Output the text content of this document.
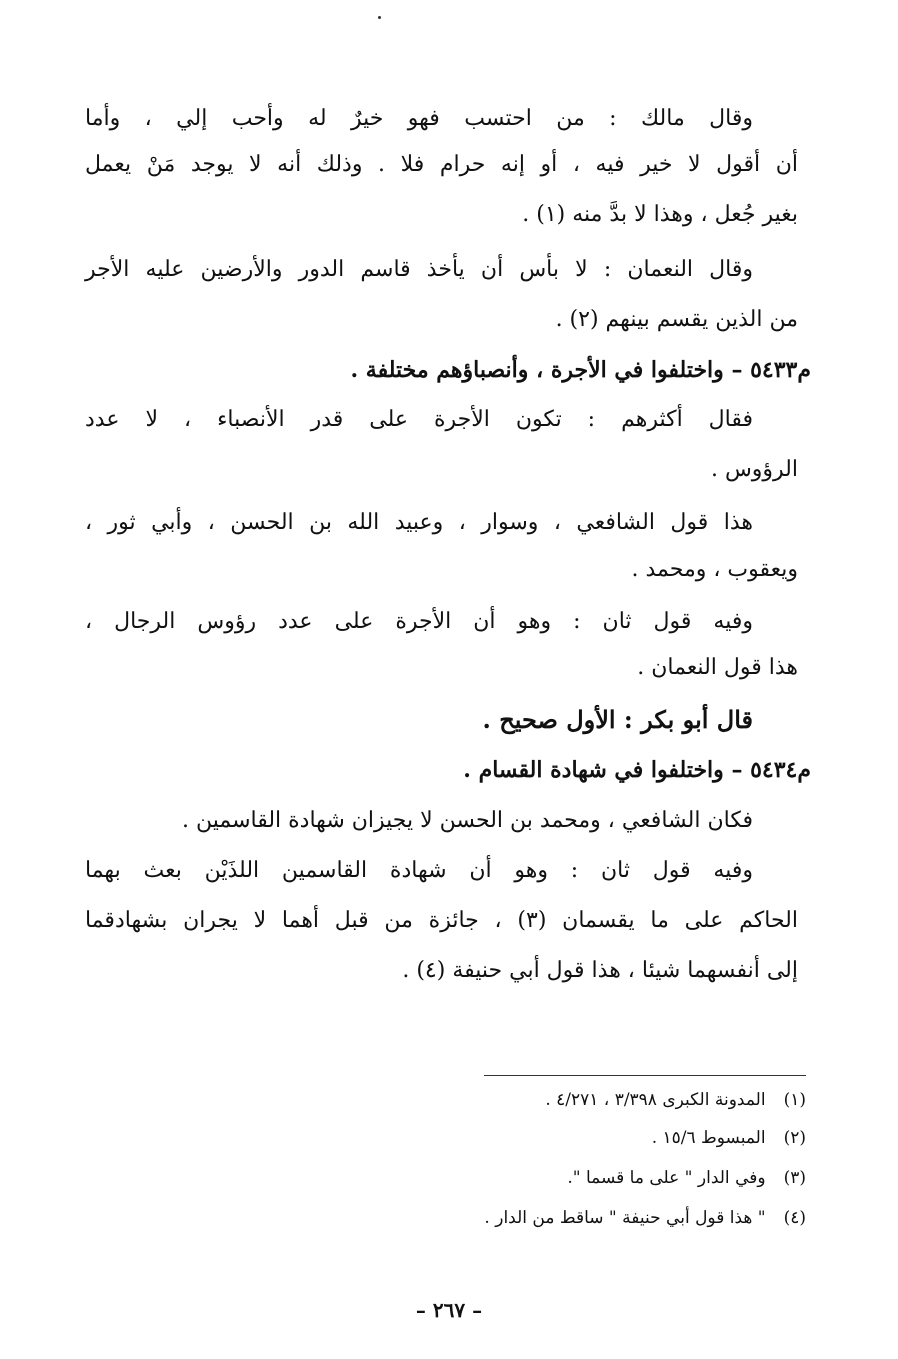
وقال مالك : من احتسب فهو خيرٌ له وأحب إلي ، وأما
أن أقول لا خير فيه ، أو إنه حرام فلا . وذلك أنه لا يوجد مَنْ يعمل
بغير جُعل ، وهذا لا بدَّ منه (١) .
وقال النعمان : لا بأس أن يأخذ قاسم الدور والأرضين عليه الأجر
من الذين يقسم بينهم (٢) .
م٥٤٣٣ – واختلفوا في الأجرة ، وأنصباؤهم مختلفة .
فقال أكثرهم : تكون الأجرة على قدر الأنصباء ، لا عدد
الرؤوس .
هذا قول الشافعي ، وسوار ، وعبيد الله بن الحسن ، وأبي ثور ،
ويعقوب ، ومحمد .
وفيه قول ثان : وهو أن الأجرة على عدد رؤوس الرجال ،
هذا قول النعمان .
قال أبو بكر : الأول صحيح .
م٥٤٣٤ – واختلفوا في شهادة القسام .
فكان الشافعي ، ومحمد بن الحسن لا يجيزان شهادة القاسمين .
وفيه قول ثان : وهو أن شهادة القاسمين اللذَيْن بعث بهما
الحاكم على ما يقسمان (٣) ، جائزة من قبل أهما لا يجران بشهادقما
إلى أنفسهما شيئا ، هذا قول أبي حنيفة (٤) .
(١)المدونة الكبرى ٣/٣٩٨ ، ٤/٢٧١ .
(٢)المبسوط ١٥/٦ .
(٣)وفي الدار " على ما قسما ".
(٤)" هذا قول أبي حنيفة " ساقط من الدار .
– ٢٦٧ –
